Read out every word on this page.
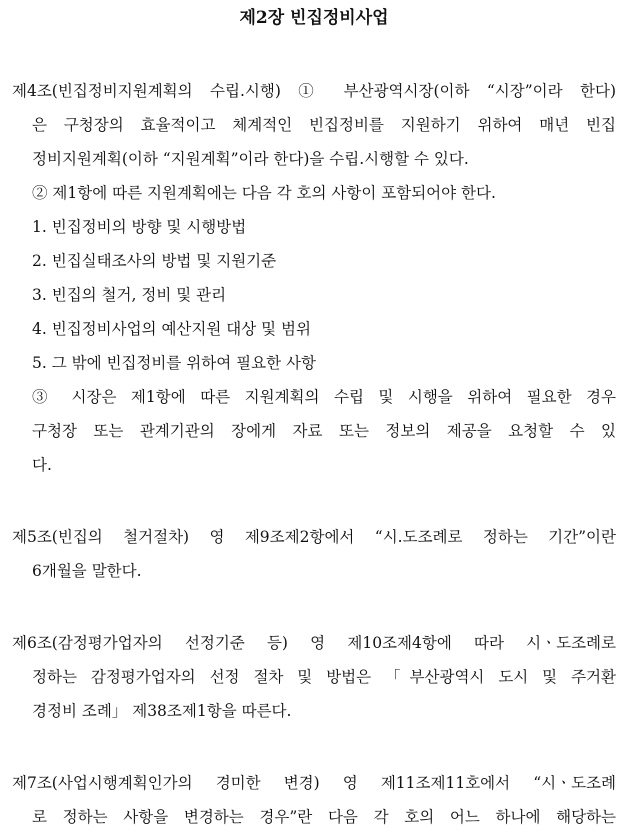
제2장 빈집정비사업
제4조(빈집정비지원계획의 수립.시행) ① 부산광역시장(이하 “시장”이라 한다)
은 구청장의 효율적이고 체계적인 빈집정비를 지원하기 위하여 매년 빈집
정비지원계획(이하 “지원계획”이라 한다)을 수립.시행할 수 있다.
② 제1항에 따른 지원계획에는 다음 각 호의 사항이 포함되어야 한다.
1. 빈집정비의 방향 및 시행방법
2. 빈집실태조사의 방법 및 지원기준
3. 빈집의 철거, 정비 및 관리
4. 빈집정비사업의 예산지원 대상 및 범위
5. 그 밖에 빈집정비를 위하여 필요한 사항
③ 시장은 제1항에 따른 지원계획의 수립 및 시행을 위하여 필요한 경우
구청장 또는 관계기관의 장에게 자료 또는 정보의 제공을 요청할 수 있
다.
제5조(빈집의 철거절차) 영 제9조제2항에서 “시.도조례로 정하는 기간”이란
6개월을 말한다.
제6조(감정평가업자의 선정기준 등) 영 제10조제4항에 따라 시ㆍ도조례로
정하는 감정평가업자의 선정 절차 및 방법은 「부산광역시 도시 및 주거환
경정비 조례」 제38조제1항을 따른다.
제7조(사업시행계획인가의 경미한 변경) 영 제11조제11호에서 “시ㆍ도조례
로 정하는 사항을 변경하는 경우”란 다음 각 호의 어느 하나에 해당하는
